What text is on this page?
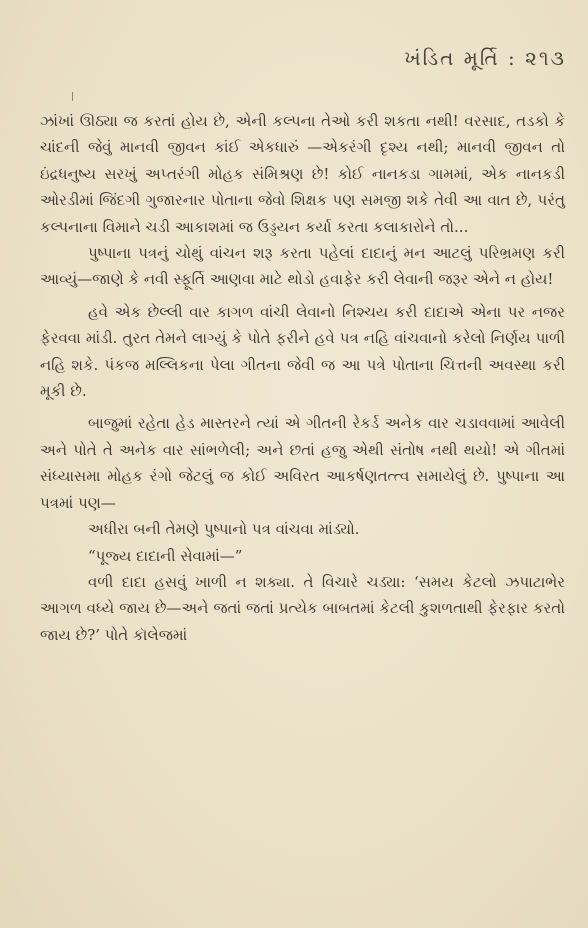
ખંડિત મૂર્તિ : ૨૧૩

ઝાંખાં ઊઠ્યા જ કરતાં હોય છે, એની કલ્પના તેઓ કરી શકતા નથી! વરસાદ, તડકો કે ચાંદની જેવું માનવી જીવન કાંઈ એકધારું —એકરંગી દૃશ્ય નથી; માનવી જીવન તો ઇંદ્રધનુષ્ય સરખું અપ્તરંગી મોહક સંમિશ્રણ છે! કોઈ નાનકડા ગામમાં, એક નાનકડી ઓરડીમાં જિંદગી ગુજારનાર પોતાના જેવો શિક્ષક પણ સમજી શકે તેવી આ વાત છે, પરંતુ કલ્પનાના વિમાને ચડી આકાશમાં જ ઉડ્ડયન કર્યા કરતા કલાકારોને તો...

પુષ્પાના પત્રનું ચોથું વાંચન શરૂ કરતા પહેલાં દાદાનું મન આટલું પરિભ્રમણ કરી આવ્યું—જાણે કે નવી સ્ફૂર્તિ આણવા માટે થોડો હવાફેર કરી લેવાની જરૂર એને ન હોય!

હવે એક છેલ્લી વાર કાગળ વાંચી લેવાનો નિશ્ચય કરી દાદાએ એના પર નજર ફેરવવા માંડી. તુરત તેમને લાગ્યું કે પોતે ફરીને હવે પત્ર નહિ વાંચવાનો કરેલો નિર્ણય પાળી નહિ શકે. પંકજ મલ્લિકના પેલા ગીતના જેવી જ આ પત્રે પોતાના ચિત્તની અવસ્થા કરી મૂકી છે.

બાજુમાં રહેતા હેડ માસ્તરને ત્યાં એ ગીતની રેકર્ડ અનેક વાર ચડાવવામાં આવેલી અને પોતે તે અનેક વાર સાંભળેલી; અને છતાં હજુ એથી સંતોષ નથી થયો! એ ગીતમાં સંધ્યાસમા મોહક રંગો જેટલું જ કોઈ અવિરત આકર્ષણતત્ત્વ સમાયેલું છે. પુષ્પાના આ પત્રમાં પણ—

અધીરા બની તેમણે પુષ્પાનો પત્ર વાંચવા માંડ્યો.

“પૂજ્ય દાદાની સેવામાં—”

વળી દાદા હસવું ખાળી ન શક્યા. તે વિચારે ચડ્યા: ‘સમય કેટલો ઝપાટાભેર આગળ વધ્યે જાય છે—અને જતાં જતાં પ્રત્યેક બાબતમાં કેટલી કુશળતાથી ફેરફાર કરતો જાય છે?’ પોતે કૉલેજમાં
